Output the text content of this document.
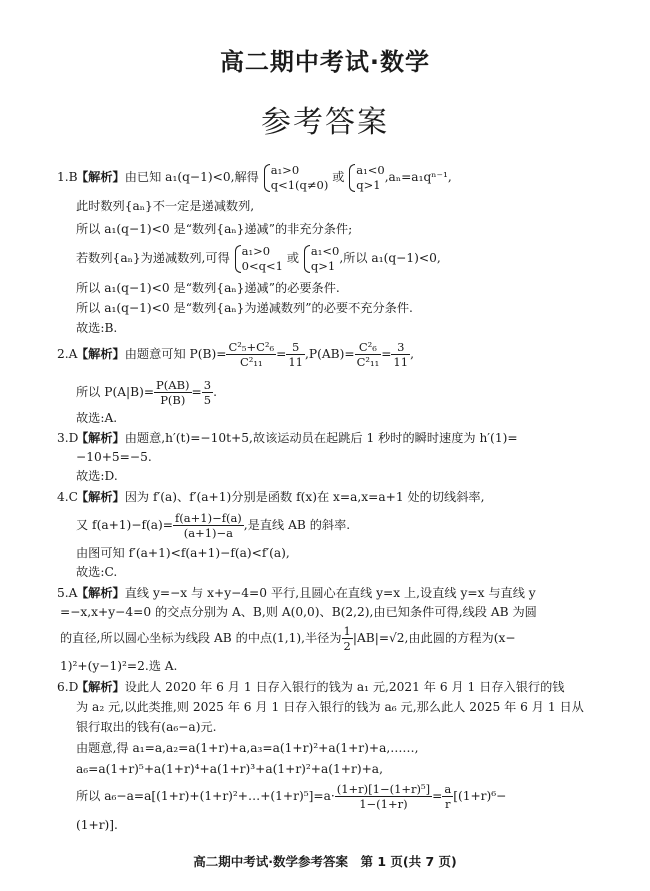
高二期中考试·数学
参考答案
1.B
【解析】由已知 a₁(q−1)<0,解得
a₁>0
q<1(q≠0)
或
a₁<0
q>1
,aₙ=a₁qⁿ⁻¹,
此时数列{aₙ}不一定是递减数列,
所以 a₁(q−1)<0 是“数列{aₙ}递减”的非充分条件;
若数列{aₙ}为递减数列,可得
a₁>0
0<q<1
或
a₁<0
q>1
,所以 a₁(q−1)<0,
所以 a₁(q−1)<0 是“数列{aₙ}递减”的必要条件.
所以 a₁(q−1)<0 是“数列{aₙ}为递减数列”的必要不充分条件.
故选:B.
2.A
【解析】由题意可知 $P(B)= \frac{\text{C²₅+C²₆}}{\text{C²₁₁}} = \frac{5}{11} ,P(AB)= \frac{\text{C²₆}}{\text{C²₁₁}} = \frac{3}{11}$ ,
所以 $P(A|B)= \frac{P(AB)}{P(B)} = \frac{3}{5}$ .
故选:A.
3.D
【解析】由题意,h′(t)=−10t+5,故该运动员在起跳后 1 秒时的瞬时速度为 h′(1)=
−10+5=−5.
故选:D.
4.C
【解析】因为 f′(a)、f′(a+1)分别是函数 f(x)在 x=a,x=a+1 处的切线斜率,
又 $f(a+1)-f(a)= \frac{f(a+1)-f(a)}{(a+1)-a}$ ,是直线 AB 的斜率.
由图可知 f′(a+1)<f(a+1)−f(a)<f′(a),
故选:C.
5.A
【解析】直线 y=−x 与 x+y−4=0 平行,且圆心在直线 y=x 上,设直线 y=x 与直线 y
=−x,x+y−4=0 的交点分别为 A、B,则 A(0,0)、B(2,2),由已知条件可得,线段 AB 为圆
的直径,所以圆心坐标为线段 AB 的中点(1,1),半径为 $\frac{1}{2} |AB|=√2$,由此圆的方程为(x−
1)²+(y−1)²=2.选 A.
6.D
【解析】设此人 2020 年 6 月 1 日存入银行的钱为 a₁ 元,2021 年 6 月 1 日存入银行的钱
为 a₂ 元,以此类推,则 2025 年 6 月 1 日存入银行的钱为 a₆ 元,那么此人 2025 年 6 月 1 日从
银行取出的钱有(a₆−a)元.
由题意,得 a₁=a,a₂=a(1+r)+a,a₃=a(1+r)²+a(1+r)+a,……,
a₆=a(1+r)⁵+a(1+r)⁴+a(1+r)³+a(1+r)²+a(1+r)+a,
所以 a₆−a=a[(1+r)+(1+r)²+…+(1+r)⁵]=a· $\frac{\text{(1+r)[1−(1+r)⁵]}}{1-(1+r)} = \frac{a}{r} [(1+r)^6-$
(1+r)].
高二期中考试·数学参考答案　第 1 页(共 7 页)
